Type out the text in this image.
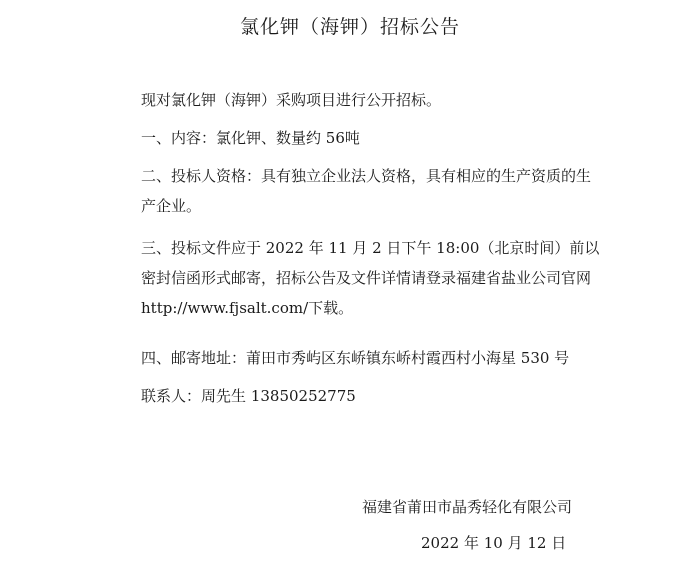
氯化钾（海钾）招标公告

现对氯化钾（海钾）采购项目进行公开招标。

一、内容：氯化钾、数量约 56吨

二、投标人资格：具有独立企业法人资格，具有相应的生产资质的生产企业。

三、投标文件应于 2022 年 11 月 2 日下午 18:00（北京时间）前以密封信函形式邮寄，招标公告及文件详情请登录福建省盐业公司官网 http://www.fjsalt.com/下载。

四、邮寄地址：莆田市秀屿区东峤镇东峤村霞西村小海星 530 号

联系人：周先生 13850252775

福建省莆田市晶秀轻化有限公司
2022 年 10 月 12 日
